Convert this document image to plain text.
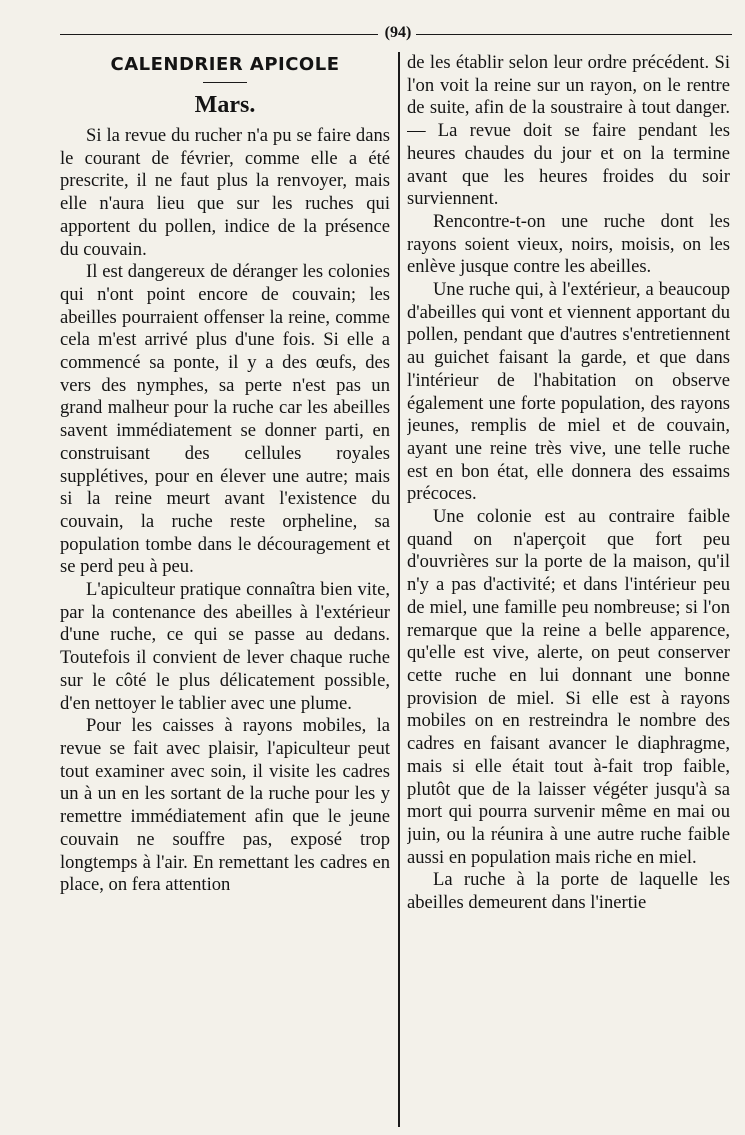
(94)
CALENDRIER APICOLE
Mars.

Si la revue du rucher n'a pu se faire dans le courant de février, comme elle a été prescrite, il ne faut plus la renvoyer, mais elle n'aura lieu que sur les ruches qui apportent du pollen, indice de la présence du couvain.

Il est dangereux de déranger les colonies qui n'ont point encore de couvain; les abeilles pourraient offenser la reine, comme cela m'est arrivé plus d'une fois. Si elle a commencé sa ponte, il y a des œufs, des vers des nymphes, sa perte n'est pas un grand malheur pour la ruche car les abeilles savent immédiatement se donner parti, en construisant des cellules royales supplétives, pour en élever une autre; mais si la reine meurt avant l'existence du couvain, la ruche reste orpheline, sa population tombe dans le découragement et se perd peu à peu.

L'apiculteur pratique connaîtra bien vite, par la contenance des abeilles à l'extérieur d'une ruche, ce qui se passe au dedans. Toutefois il convient de lever chaque ruche sur le côté le plus délicatement possible, d'en nettoyer le tablier avec une plume.

Pour les caisses à rayons mobiles, la revue se fait avec plaisir, l'apiculteur peut tout examiner avec soin, il visite les cadres un à un en les sortant de la ruche pour les y remettre immédiatement afin que le jeune couvain ne souffre pas, exposé trop longtemps à l'air. En remettant les cadres en place, on fera attention

de les établir selon leur ordre précédent. Si l'on voit la reine sur un rayon, on le rentre de suite, afin de la soustraire à tout danger. — La revue doit se faire pendant les heures chaudes du jour et on la termine avant que les heures froides du soir surviennent.

Rencontre-t-on une ruche dont les rayons soient vieux, noirs, moisis, on les enlève jusque contre les abeilles.

Une ruche qui, à l'extérieur, a beaucoup d'abeilles qui vont et viennent apportant du pollen, pendant que d'autres s'entretiennent au guichet faisant la garde, et que dans l'intérieur de l'habitation on observe également une forte population, des rayons jeunes, remplis de miel et de couvain, ayant une reine très vive, une telle ruche est en bon état, elle donnera des essaims précoces.

Une colonie est au contraire faible quand on n'aperçoit que fort peu d'ouvrières sur la porte de la maison, qu'il n'y a pas d'activité; et dans l'intérieur peu de miel, une famille peu nombreuse; si l'on remarque que la reine a belle apparence, qu'elle est vive, alerte, on peut conserver cette ruche en lui donnant une bonne provision de miel. Si elle est à rayons mobiles on en restreindra le nombre des cadres en faisant avancer le diaphragme, mais si elle était tout à-fait trop faible, plutôt que de la laisser végéter jusqu'à sa mort qui pourra survenir même en mai ou juin, ou la réunira à une autre ruche faible aussi en population mais riche en miel.

La ruche à la porte de laquelle les abeilles demeurent dans l'inertie
